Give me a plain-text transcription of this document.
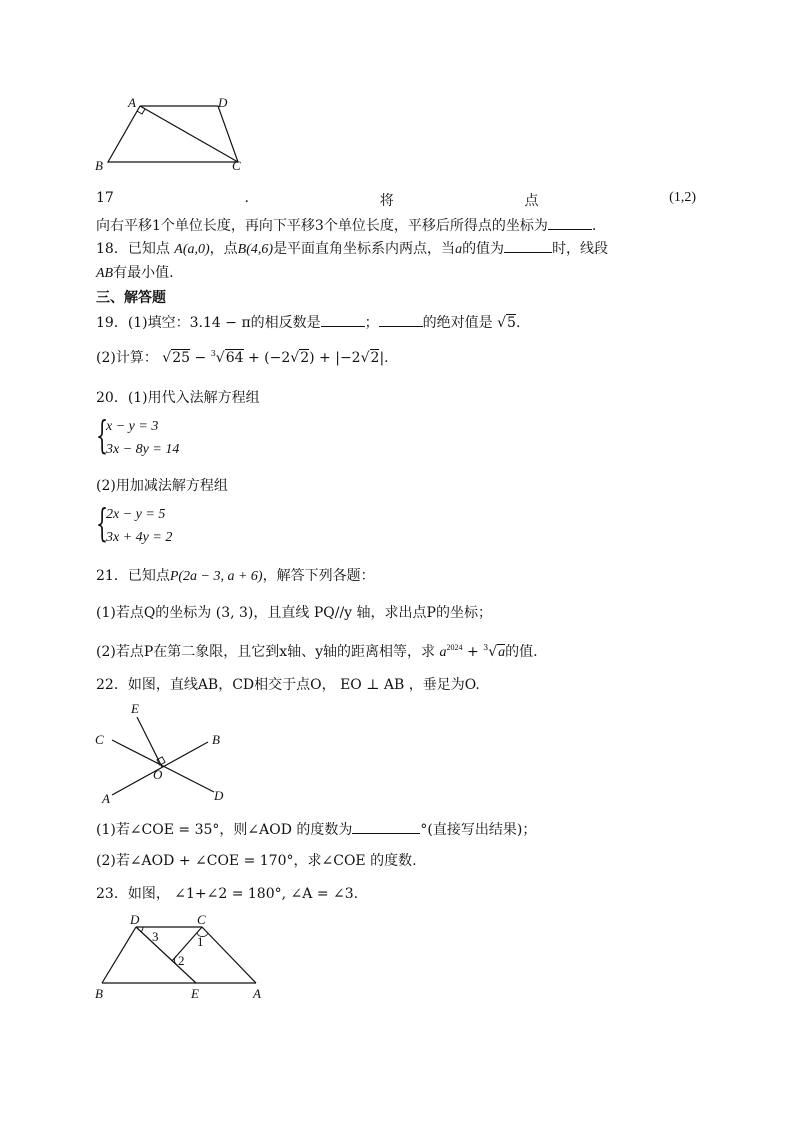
A	D
B	C
17	.	将	点	(1,2)
向右平移1个单位长度，再向下平移3个单位长度，平移后所得点的坐标为	.
18．已知点 A(a,0)，点B(4,6)是平面直角坐标系内两点，当a的值为	时，线段
AB有最小值.
三、解答题
19．(1)填空：3.14 − π的相反数是	；	的绝对值是 √5.
(2)计算： √25 − $^3$√64 + (−2√2) + |−2√2|.
20．(1)用代入法解方程组
{
x − y = 3
3x − 8y = 14
(2)用加减法解方程组
{
2x − y = 5
3x + 4y = 2
21．已知点P(2a − 3, a + 6)，解答下列各题：
(1)若点Q的坐标为 (3, 3)，且直线 PQ//y 轴，求出点P的坐标；
(2)若点P在第二象限，且它到x轴、y轴的距离相等，求 $a^{2024} + ^3√a$的值.
22．如图，直线AB，CD相交于点O， EO ⊥ AB ，垂足为O.
E
C	B
O
A	D
(1)若∠COE = 35°，则∠AOD 的度数为	°(直接写出结果)；
(2)若∠AOD + ∠COE = 170°，求∠COE 的度数.
23．如图， ∠1+∠2 = 180°, ∠A = ∠3.
D	C
1
3
2
B	E	A
